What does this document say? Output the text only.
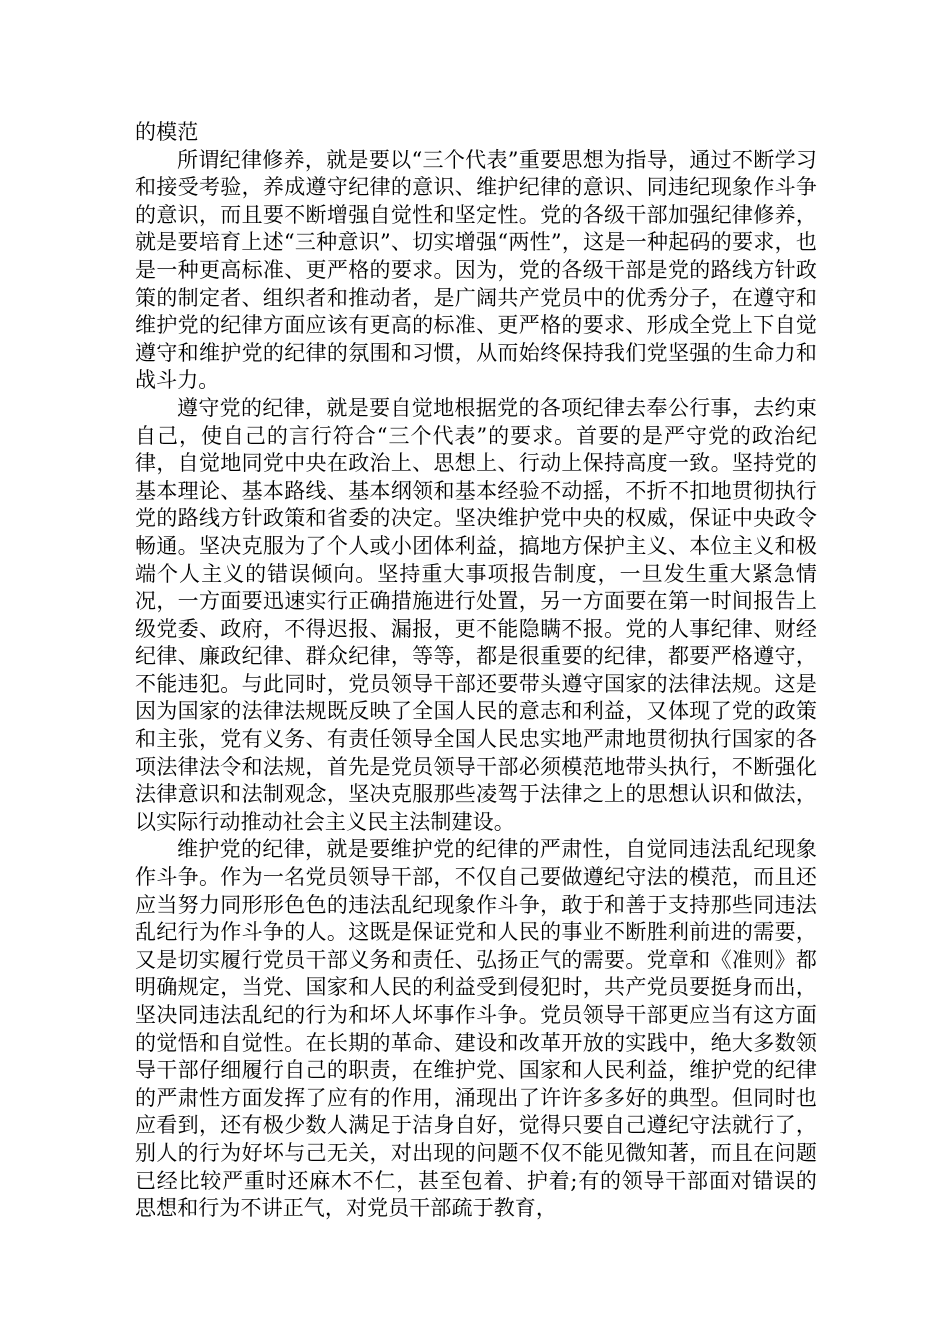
的模范

所谓纪律修养，就是要以“三个代表”重要思想为指导，通过不断学习和接受考验，养成遵守纪律的意识、维护纪律的意识、同违纪现象作斗争的意识，而且要不断增强自觉性和坚定性。党的各级干部加强纪律修养，就是要培育上述“三种意识”、切实增强“两性”，这是一种起码的要求，也是一种更高标准、更严格的要求。因为，党的各级干部是党的路线方针政策的制定者、组织者和推动者，是广阔共产党员中的优秀分子，在遵守和维护党的纪律方面应该有更高的标准、更严格的要求、形成全党上下自觉遵守和维护党的纪律的氛围和习惯，从而始终保持我们党坚强的生命力和战斗力。

遵守党的纪律，就是要自觉地根据党的各项纪律去奉公行事，去约束自己，使自己的言行符合“三个代表”的要求。首要的是严守党的政治纪律，自觉地同党中央在政治上、思想上、行动上保持高度一致。坚持党的基本理论、基本路线、基本纲领和基本经验不动摇，不折不扣地贯彻执行党的路线方针政策和省委的决定。坚决维护党中央的权威，保证中央政令畅通。坚决克服为了个人或小团体利益，搞地方保护主义、本位主义和极端个人主义的错误倾向。坚持重大事项报告制度，一旦发生重大紧急情况，一方面要迅速实行正确措施进行处置，另一方面要在第一时间报告上级党委、政府，不得迟报、漏报，更不能隐瞒不报。党的人事纪律、财经纪律、廉政纪律、群众纪律，等等，都是很重要的纪律，都要严格遵守，不能违犯。与此同时，党员领导干部还要带头遵守国家的法律法规。这是因为国家的法律法规既反映了全国人民的意志和利益，又体现了党的政策和主张，党有义务、有责任领导全国人民忠实地严肃地贯彻执行国家的各项法律法令和法规，首先是党员领导干部必须模范地带头执行，不断强化法律意识和法制观念，坚决克服那些凌驾于法律之上的思想认识和做法，以实际行动推动社会主义民主法制建设。

维护党的纪律，就是要维护党的纪律的严肃性，自觉同违法乱纪现象作斗争。作为一名党员领导干部，不仅自己要做遵纪守法的模范，而且还应当努力同形形色色的违法乱纪现象作斗争，敢于和善于支持那些同违法乱纪行为作斗争的人。这既是保证党和人民的事业不断胜利前进的需要，又是切实履行党员干部义务和责任、弘扬正气的需要。党章和《准则》都明确规定，当党、国家和人民的利益受到侵犯时，共产党员要挺身而出，坚决同违法乱纪的行为和坏人坏事作斗争。党员领导干部更应当有这方面的觉悟和自觉性。在长期的革命、建设和改革开放的实践中，绝大多数领导干部仔细履行自己的职责，在维护党、国家和人民利益，维护党的纪律的严肃性方面发挥了应有的作用，涌现出了许许多多好的典型。但同时也应看到，还有极少数人满足于洁身自好，觉得只要自己遵纪守法就行了，别人的行为好坏与己无关，对出现的问题不仅不能见微知著，而且在问题已经比较严重时还麻木不仁，甚至包着、护着;有的领导干部面对错误的思想和行为不讲正气，对党员干部疏于教育，
